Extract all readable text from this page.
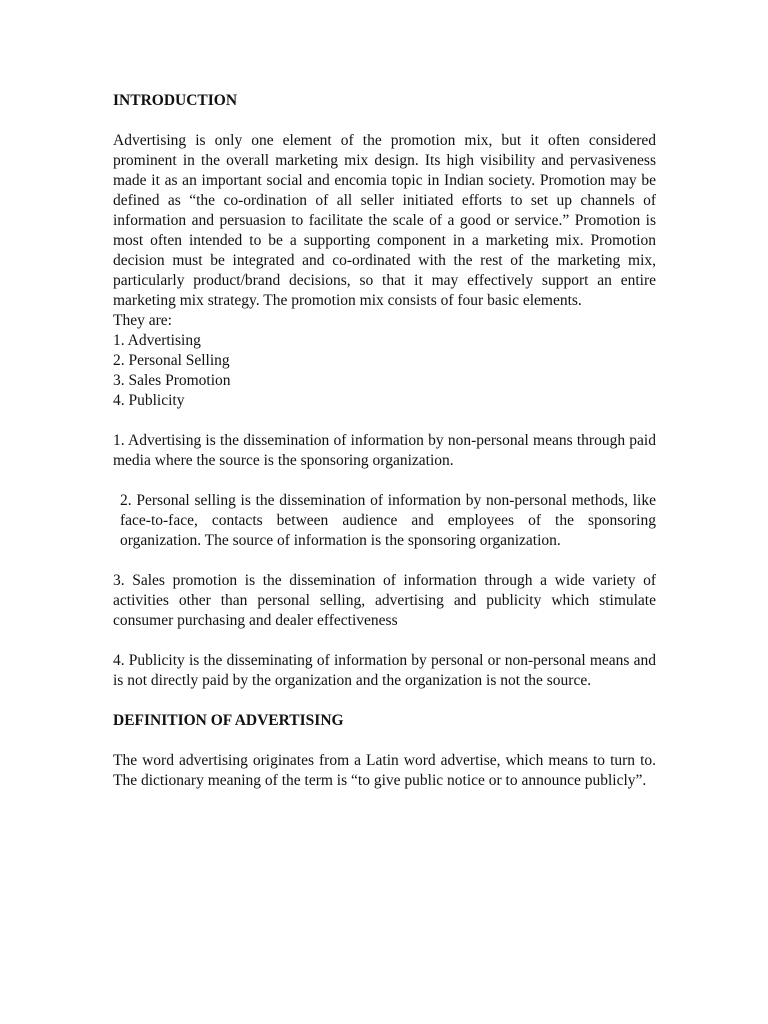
INTRODUCTION

Advertising is only one element of the promotion mix, but it often considered prominent in the overall marketing mix design. Its high visibility and pervasiveness made it as an important social and encomia topic in Indian society. Promotion may be defined as “the co-ordination of all seller initiated efforts to set up channels of information and persuasion to facilitate the scale of a good or service.” Promotion is most often intended to be a supporting component in a marketing mix. Promotion decision must be integrated and co-ordinated with the rest of the marketing mix, particularly product/brand decisions, so that it may effectively support an entire marketing mix strategy. The promotion mix consists of four basic elements.

They are:

1. Advertising

2. Personal Selling

3. Sales Promotion

4. Publicity

1. Advertising is the dissemination of information by non-personal means through paid media where the source is the sponsoring organization.

2. Personal selling is the dissemination of information by non-personal methods, like face-to-face, contacts between audience and employees of the sponsoring organization. The source of information is the sponsoring organization.

3. Sales promotion is the dissemination of information through a wide variety of activities other than personal selling, advertising and publicity which stimulate consumer purchasing and dealer effectiveness

4. Publicity is the disseminating of information by personal or non-personal means and is not directly paid by the organization and the organization is not the source.

DEFINITION OF ADVERTISING

The word advertising originates from a Latin word advertise, which means to turn to. The dictionary meaning of the term is “to give public notice or to announce publicly”.
